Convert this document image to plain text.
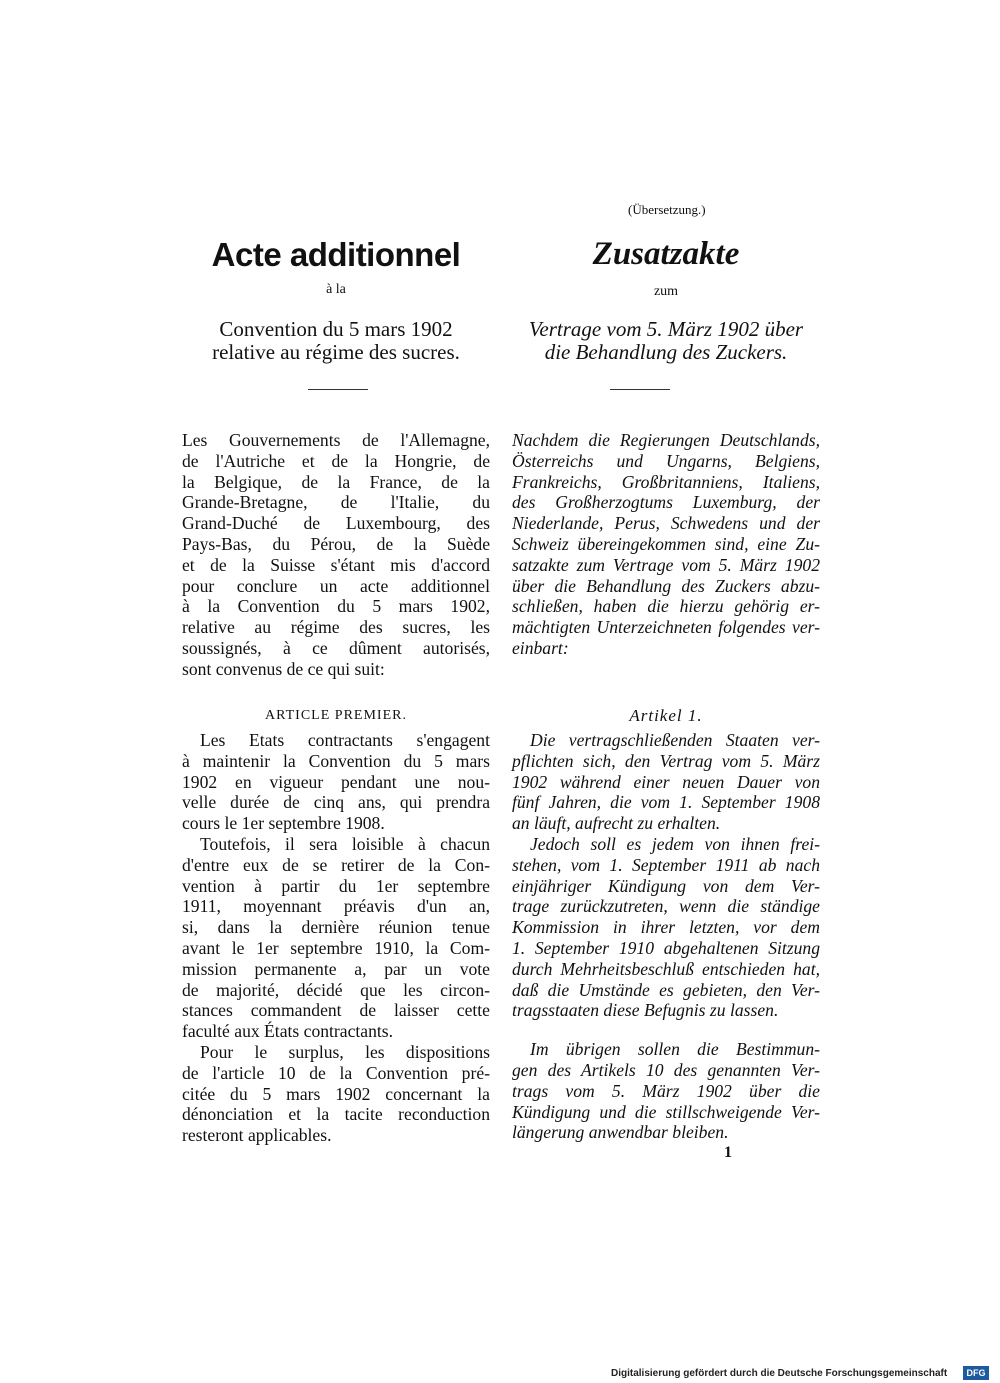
(Übersetzung.)
Acte additionnel	Zusatzakte
à la	zum
Convention du 5 mars 1902
relative au régime des sucres.
Vertrage vom 5. März 1902 über
die Behandlung des Zuckers.

Les Gouvernements de l'Allemagne,
de l'Autriche et de la Hongrie, de
la Belgique, de la France, de la
Grande-Bretagne, de l'Italie, du
Grand-Duché de Luxembourg, des
Pays-Bas, du Pérou, de la Suède
et de la Suisse s'étant mis d'accord
pour conclure un acte additionnel
à la Convention du 5 mars 1902,
relative au régime des sucres, les
soussignés, à ce dûment autorisés,
sont convenus de ce qui suit:

Nachdem die Regierungen Deutschlands,
Österreichs und Ungarns, Belgiens,
Frankreichs, Großbritanniens, Italiens,
des Großherzogtums Luxemburg, der
Niederlande, Perus, Schwedens und der
Schweiz übereingekommen sind, eine Zu-
satzakte zum Vertrage vom 5. März 1902
über die Behandlung des Zuckers abzu-
schließen, haben die hierzu gehörig er-
mächtigten Unterzeichneten folgendes ver-
einbart:

ARTICLE PREMIER.	Artikel 1.

Les Etats contractants s'engagent
à maintenir la Convention du 5 mars
1902 en vigueur pendant une nou-
velle durée de cinq ans, qui prendra
cours le 1er septembre 1908.

Toutefois, il sera loisible à chacun
d'entre eux de se retirer de la Con-
vention à partir du 1er septembre
1911, moyennant préavis d'un an,
si, dans la dernière réunion tenue
avant le 1er septembre 1910, la Com-
mission permanente a, par un vote
de majorité, décidé que les circon-
stances commandent de laisser cette
faculté aux États contractants.

Pour le surplus, les dispositions
de l'article 10 de la Convention pré-
citée du 5 mars 1902 concernant la
dénonciation et la tacite reconduction
resteront applicables.

Die vertragschließenden Staaten ver-
pflichten sich, den Vertrag vom 5. März
1902 während einer neuen Dauer von
fünf Jahren, die vom 1. September 1908
an läuft, aufrecht zu erhalten.

Jedoch soll es jedem von ihnen frei-
stehen, vom 1. September 1911 ab nach
einjähriger Kündigung von dem Ver-
trage zurückzutreten, wenn die ständige
Kommission in ihrer letzten, vor dem
1. September 1910 abgehaltenen Sitzung
durch Mehrheitsbeschluß entschieden hat,
daß die Umstände es gebieten, den Ver-
tragsstaaten diese Befugnis zu lassen.

Im übrigen sollen die Bestimmun-
gen des Artikels 10 des genannten Ver-
trags vom 5. März 1902 über die
Kündigung und die stillschweigende Ver-
längerung anwendbar bleiben.

1
Digitalisierung gefördert durch die Deutsche Forschungsgemeinschaft	DFG
